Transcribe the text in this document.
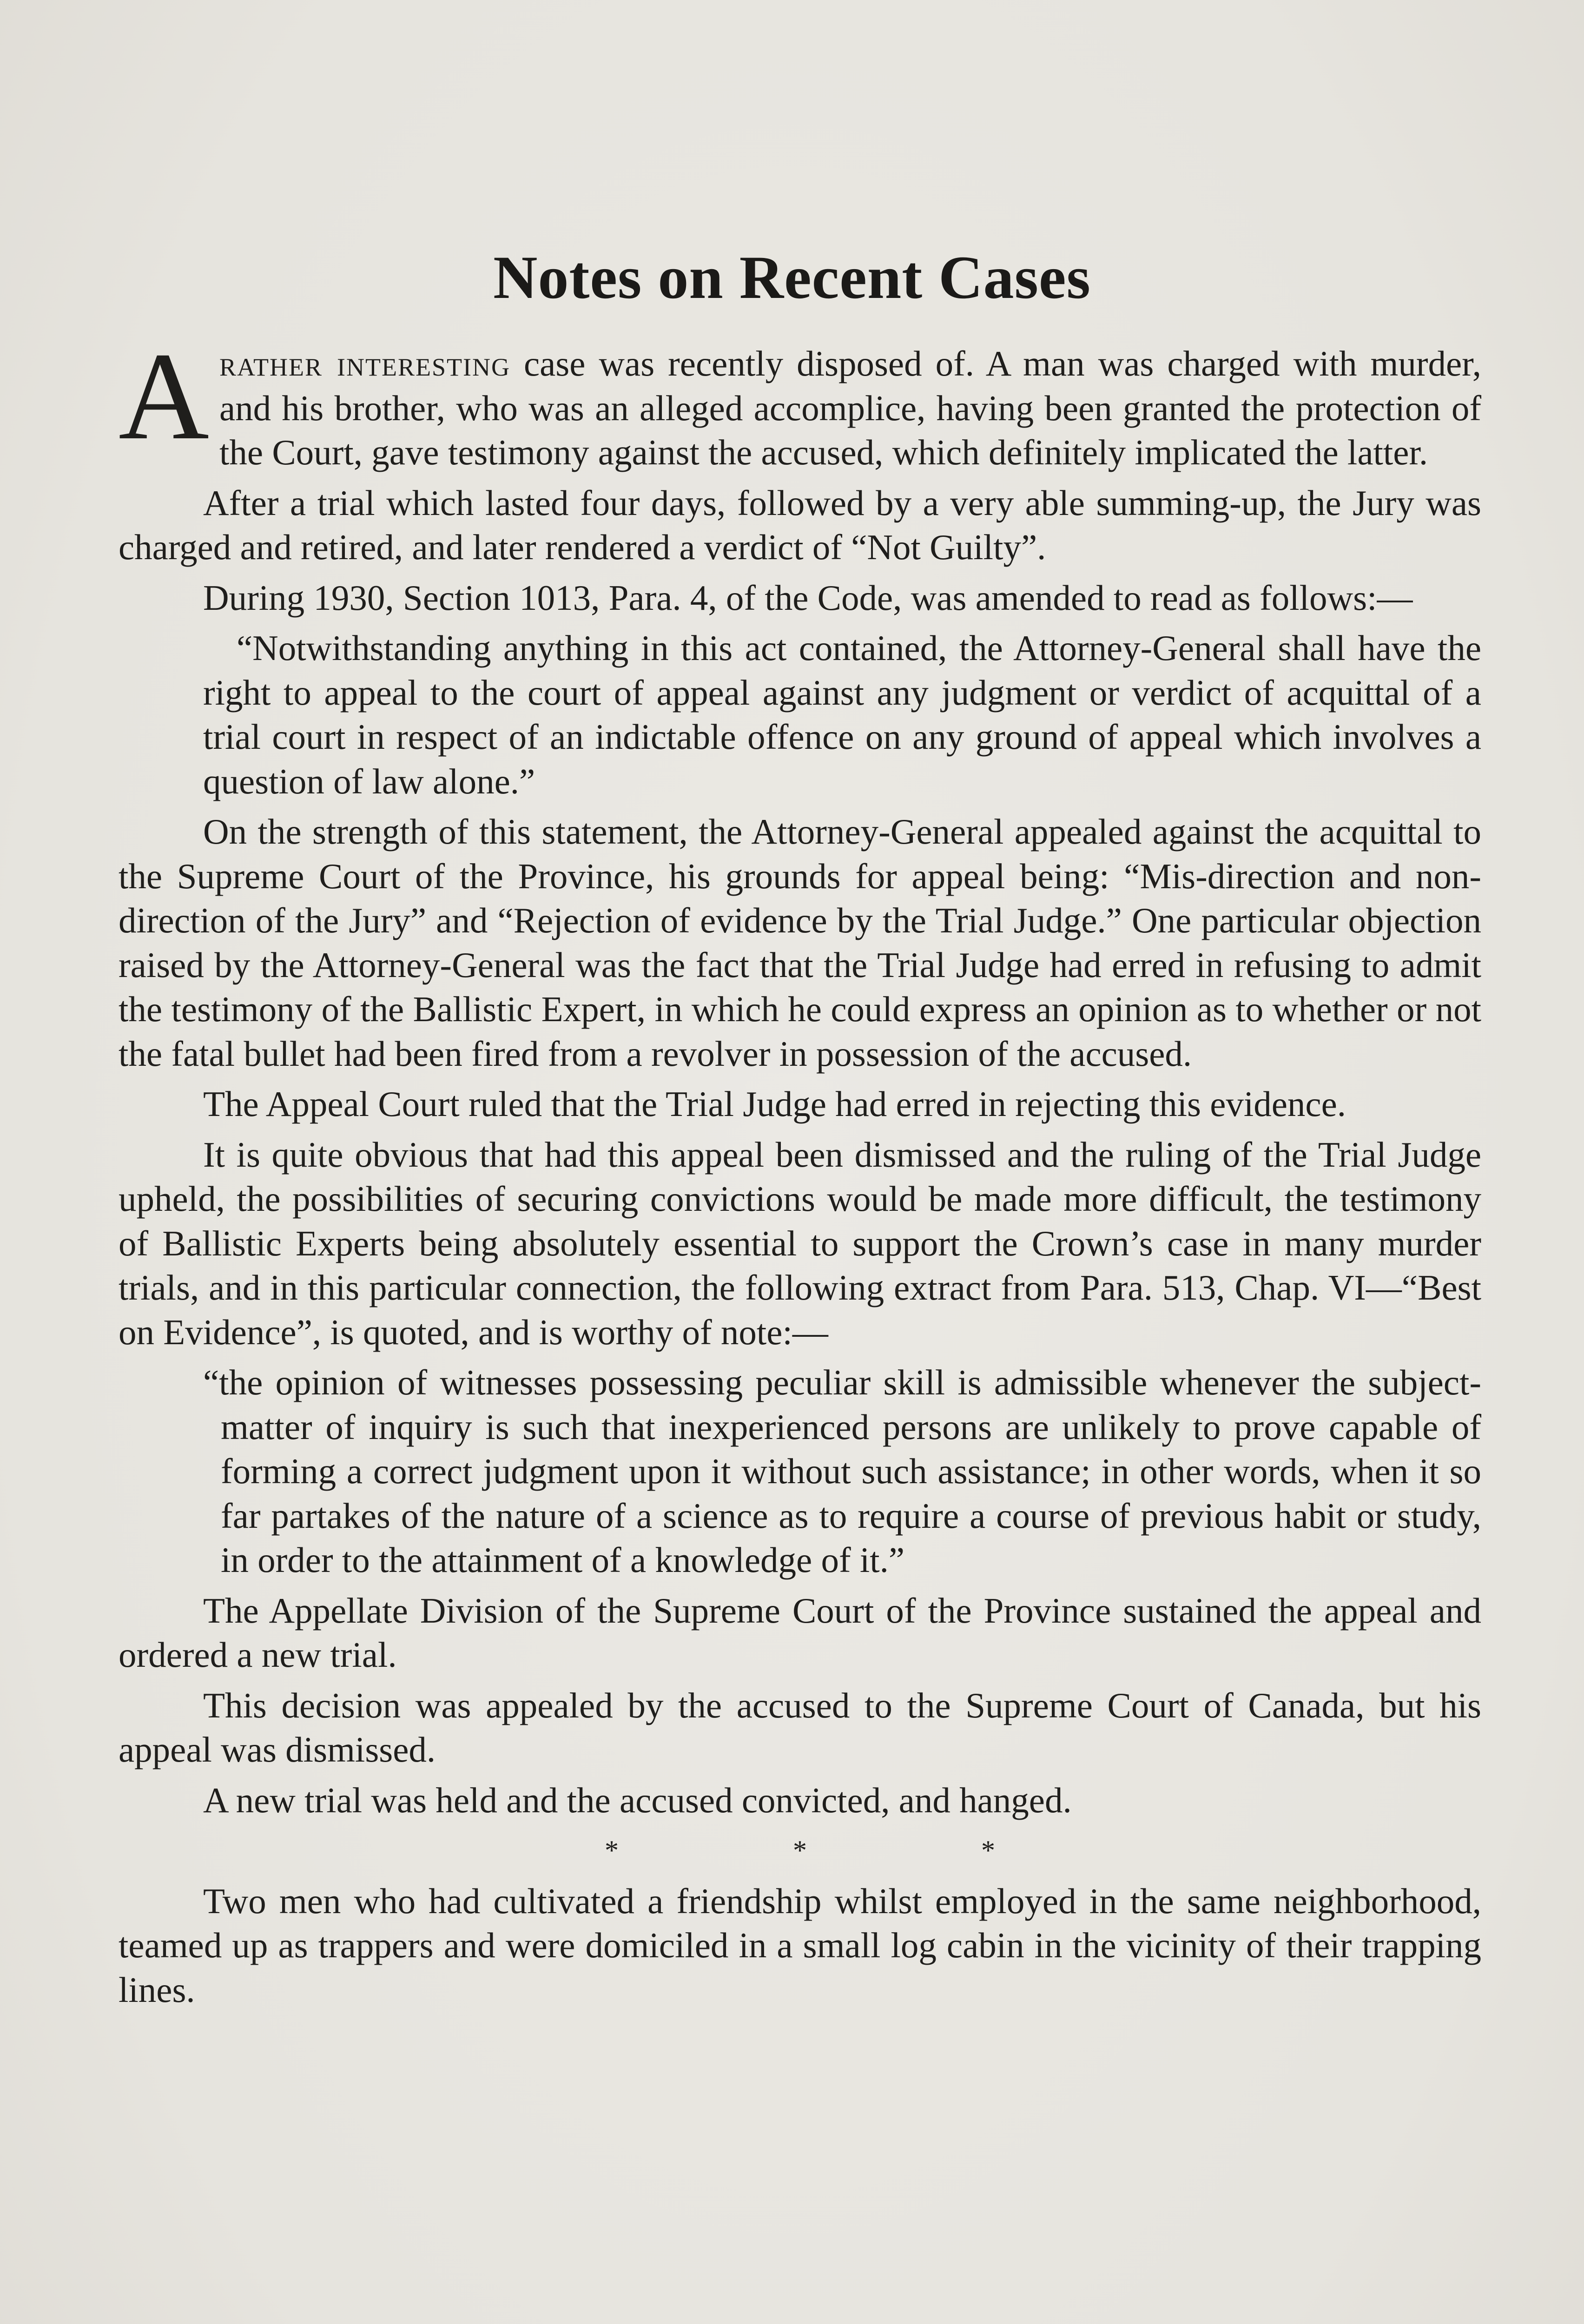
Notes on Recent Cases

Arather interesting case was recently disposed of. A man was charged with murder, and his brother, who was an alleged accomplice, having been granted the protection of the Court, gave testimony against the accused, which definitely implicated the latter.

After a trial which lasted four days, followed by a very able summing-up, the Jury was charged and retired, and later rendered a verdict of “Not Guilty”.

During 1930, Section 1013, Para. 4, of the Code, was amended to read as follows:—

“Notwithstanding anything in this act contained, the Attorney-General shall have the right to appeal to the court of appeal against any judgment or verdict of acquittal of a trial court in respect of an indictable offence on any ground of appeal which involves a question of law alone.”

On the strength of this statement, the Attorney-General appealed against the acquittal to the Supreme Court of the Province, his grounds for appeal being: “Mis-direction and non-direction of the Jury” and “Rejection of evidence by the Trial Judge.” One particular objection raised by the Attorney-General was the fact that the Trial Judge had erred in refusing to admit the testimony of the Ballistic Expert, in which he could express an opinion as to whether or not the fatal bullet had been fired from a revolver in possession of the accused.

The Appeal Court ruled that the Trial Judge had erred in rejecting this evidence.

It is quite obvious that had this appeal been dismissed and the ruling of the Trial Judge upheld, the possibilities of securing convictions would be made more difficult, the testimony of Ballistic Experts being absolutely essential to support the Crown’s case in many murder trials, and in this particular connection, the following extract from Para. 513, Chap. VI—“Best on Evidence”, is quoted, and is worthy of note:—

“the opinion of witnesses possessing peculiar skill is admissible whenever the subject-matter of inquiry is such that inexperienced persons are unlikely to prove capable of forming a correct judgment upon it without such assistance; in other words, when it so far partakes of the nature of a science as to require a course of previous habit or study, in order to the attainment of a knowledge of it.”

The Appellate Division of the Supreme Court of the Province sustained the appeal and ordered a new trial.

This decision was appealed by the accused to the Supreme Court of Canada, but his appeal was dismissed.

A new trial was held and the accused convicted, and hanged.

* * *

Two men who had cultivated a friendship whilst employed in the same neighborhood, teamed up as trappers and were domiciled in a small log cabin in the vicinity of their trapping lines.
